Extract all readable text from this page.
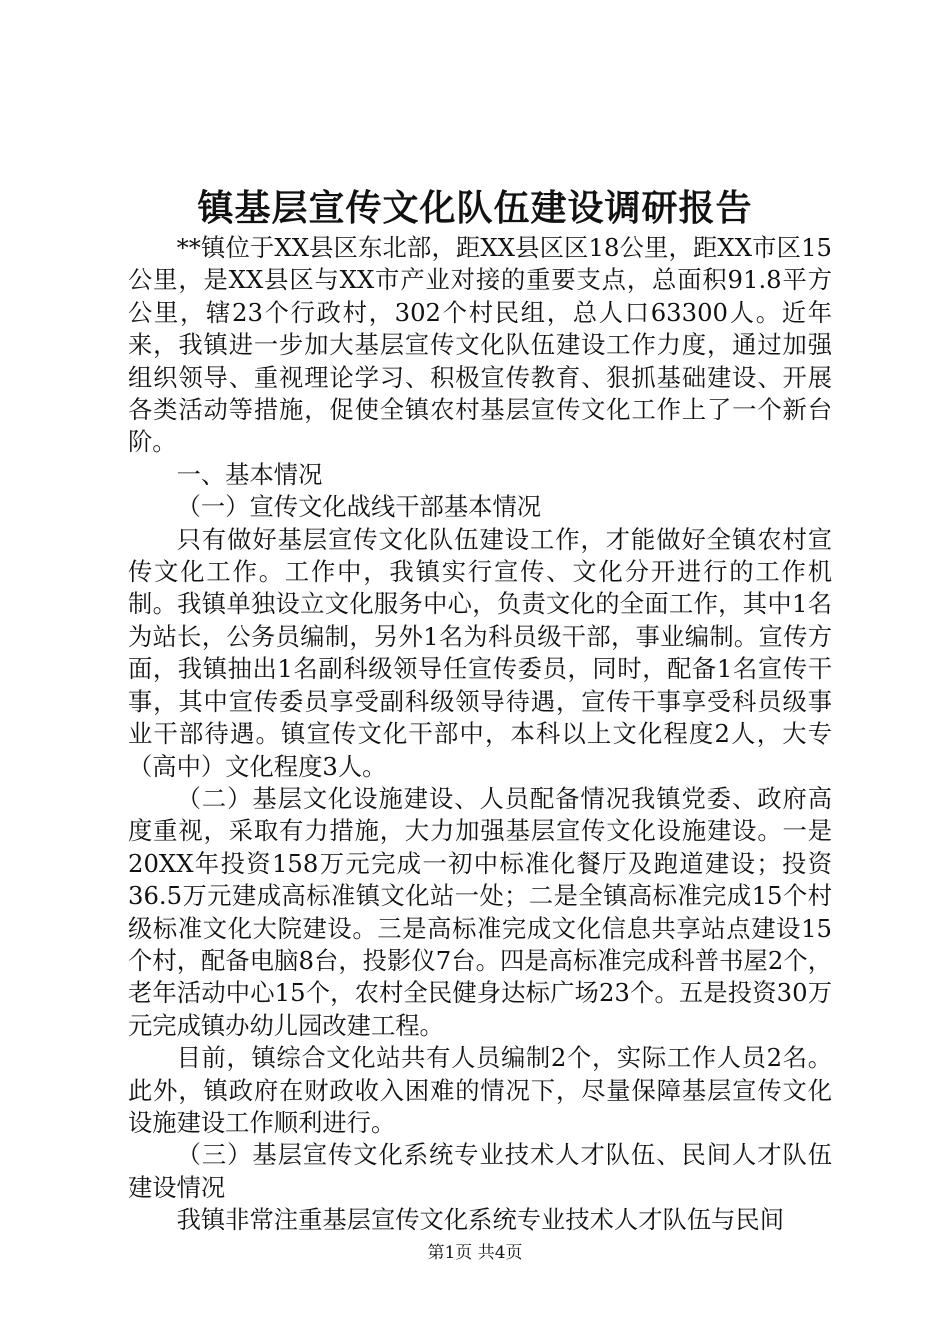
镇基层宣传文化队伍建设调研报告

**镇位于XX县区东北部，距XX县区区18公里，距XX市区15公里，是XX县区与XX市产业对接的重要支点，总面积91.8平方公里，辖23个行政村，302个村民组，总人口63300人。近年来，我镇进一步加大基层宣传文化队伍建设工作力度，通过加强组织领导、重视理论学习、积极宣传教育、狠抓基础建设、开展各类活动等措施，促使全镇农村基层宣传文化工作上了一个新台阶。

一、基本情况

（一）宣传文化战线干部基本情况

只有做好基层宣传文化队伍建设工作，才能做好全镇农村宣传文化工作。工作中，我镇实行宣传、文化分开进行的工作机制。我镇单独设立文化服务中心，负责文化的全面工作，其中1名为站长，公务员编制，另外1名为科员级干部，事业编制。宣传方面，我镇抽出1名副科级领导任宣传委员，同时，配备1名宣传干事，其中宣传委员享受副科级领导待遇，宣传干事享受科员级事业干部待遇。镇宣传文化干部中，本科以上文化程度2人，大专（高中）文化程度3人。

（二）基层文化设施建设、人员配备情况我镇党委、政府高度重视，采取有力措施，大力加强基层宣传文化设施建设。一是20XX年投资158万元完成一初中标准化餐厅及跑道建设；投资36.5万元建成高标准镇文化站一处；二是全镇高标准完成15个村级标准文化大院建设。三是高标准完成文化信息共享站点建设15个村，配备电脑8台，投影仪7台。四是高标准完成科普书屋2个，老年活动中心15个，农村全民健身达标广场23个。五是投资30万元完成镇办幼儿园改建工程。

目前，镇综合文化站共有人员编制2个，实际工作人员2名。此外，镇政府在财政收入困难的情况下，尽量保障基层宣传文化设施建设工作顺利进行。

（三）基层宣传文化系统专业技术人才队伍、民间人才队伍建设情况

我镇非常注重基层宣传文化系统专业技术人才队伍与民间

第1页 共4页
